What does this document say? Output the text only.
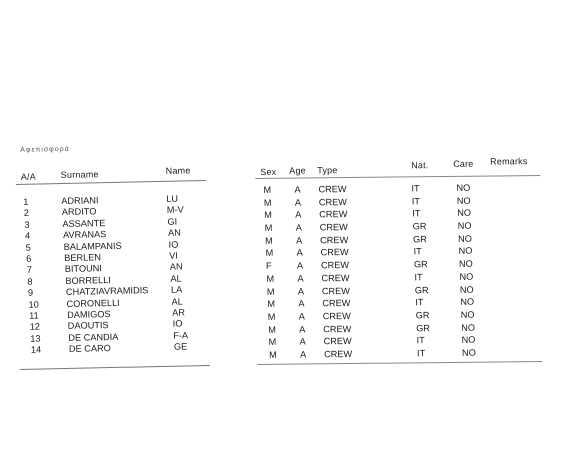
Αφεπισφορά
A/A	Surname	Name
1	ADRIANI	LU
2	ARDITO	M-V
3	ASSANTE	GI
4	AVRANAS	AN
5	BALAMPANIS	IO
6	BERLEN	VI
7	BITOUNI	AN
8	BORRELLI	AL
9	CHATZIAVRAMIDIS LA
10	CORONELLI	AL
11	DAMIGOS	AR
12	DAOUTIS	IO
13	DE CANDIA	F-A
14	DE CARO	GE
Sex Age Type	Nat.	Care Remarks
· ·
M	A CREW	IT	NO
M	A CREW	IT	NO
M	A CREW	IT	NO
M	A CREW	GR	NO
M	A CREW	GR	NO
M	A CREW	IT	NO
F	A CREW	GR	NO
M	A CREW	IT	NO
M	A CREW	GR	NO
M	A CREW	IT	NO
M	A CREW	GR	NO
M	A CREW	GR	NO
M	A CREW	IT	NO
M	A CREW	IT	NO
